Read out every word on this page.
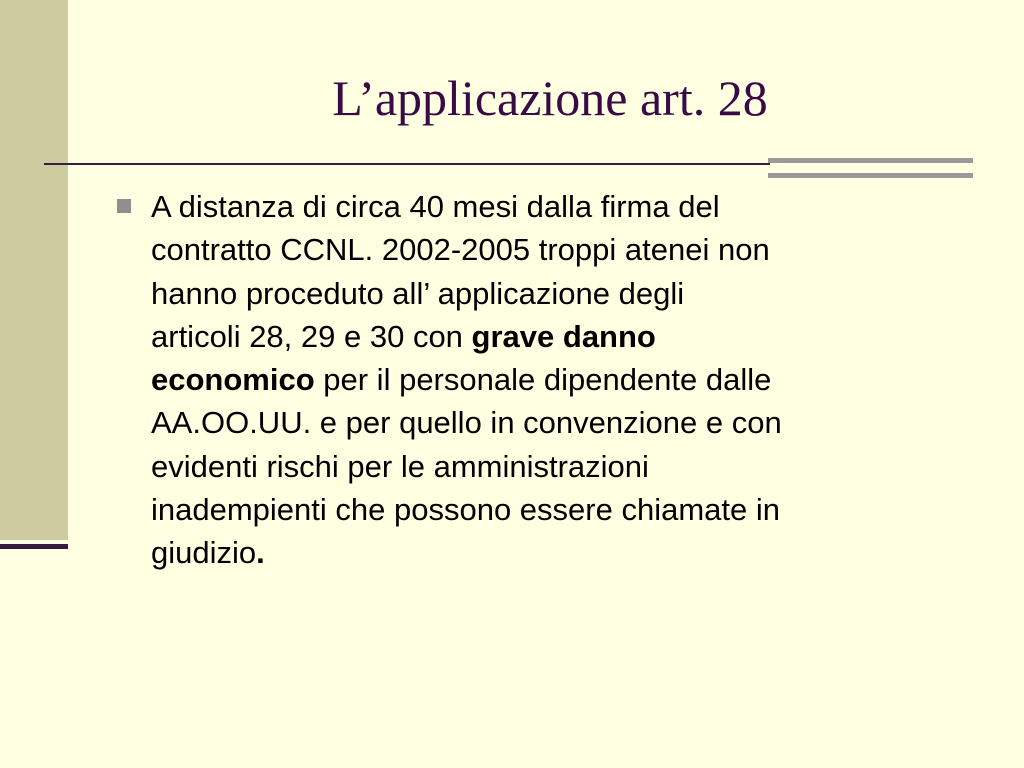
L’applicazione art. 28
A distanza di circa 40 mesi dalla firma del
contratto CCNL. 2002-2005 troppi atenei non
hanno proceduto all’ applicazione degli
articoli 28, 29 e 30 con grave danno
economico per il personale dipendente dalle
AA.OO.UU. e per quello in convenzione e con
evidenti rischi per le amministrazioni
inadempienti che possono essere chiamate in
giudizio.
